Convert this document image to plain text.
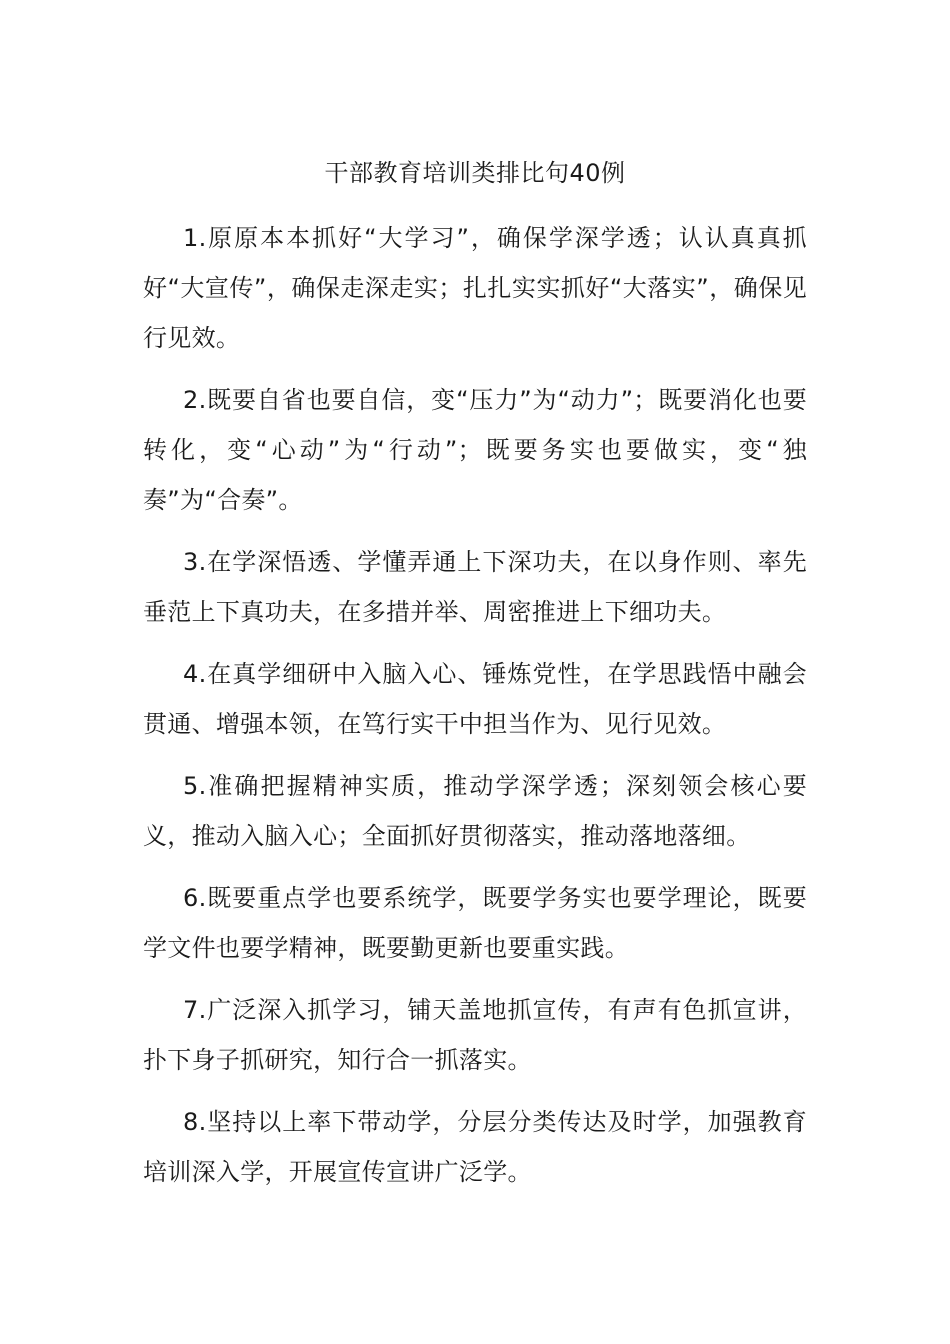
干部教育培训类排比句40例

1.原原本本抓好“大学习”，确保学深学透；认认真真抓好“大宣传”，确保走深走实；扎扎实实抓好“大落实”，确保见行见效。

2.既要自省也要自信，变“压力”为“动力”；既要消化也要转化，变“心动”为“行动”；既要务实也要做实，变“独奏”为“合奏”。

3.在学深悟透、学懂弄通上下深功夫，在以身作则、率先垂范上下真功夫，在多措并举、周密推进上下细功夫。

4.在真学细研中入脑入心、锤炼党性，在学思践悟中融会贯通、增强本领，在笃行实干中担当作为、见行见效。

5.准确把握精神实质，推动学深学透；深刻领会核心要义，推动入脑入心；全面抓好贯彻落实，推动落地落细。

6.既要重点学也要系统学，既要学务实也要学理论，既要学文件也要学精神，既要勤更新也要重实践。

7.广泛深入抓学习，铺天盖地抓宣传，有声有色抓宣讲，扑下身子抓研究，知行合一抓落实。

8.坚持以上率下带动学，分层分类传达及时学，加强教育培训深入学，开展宣传宣讲广泛学。
